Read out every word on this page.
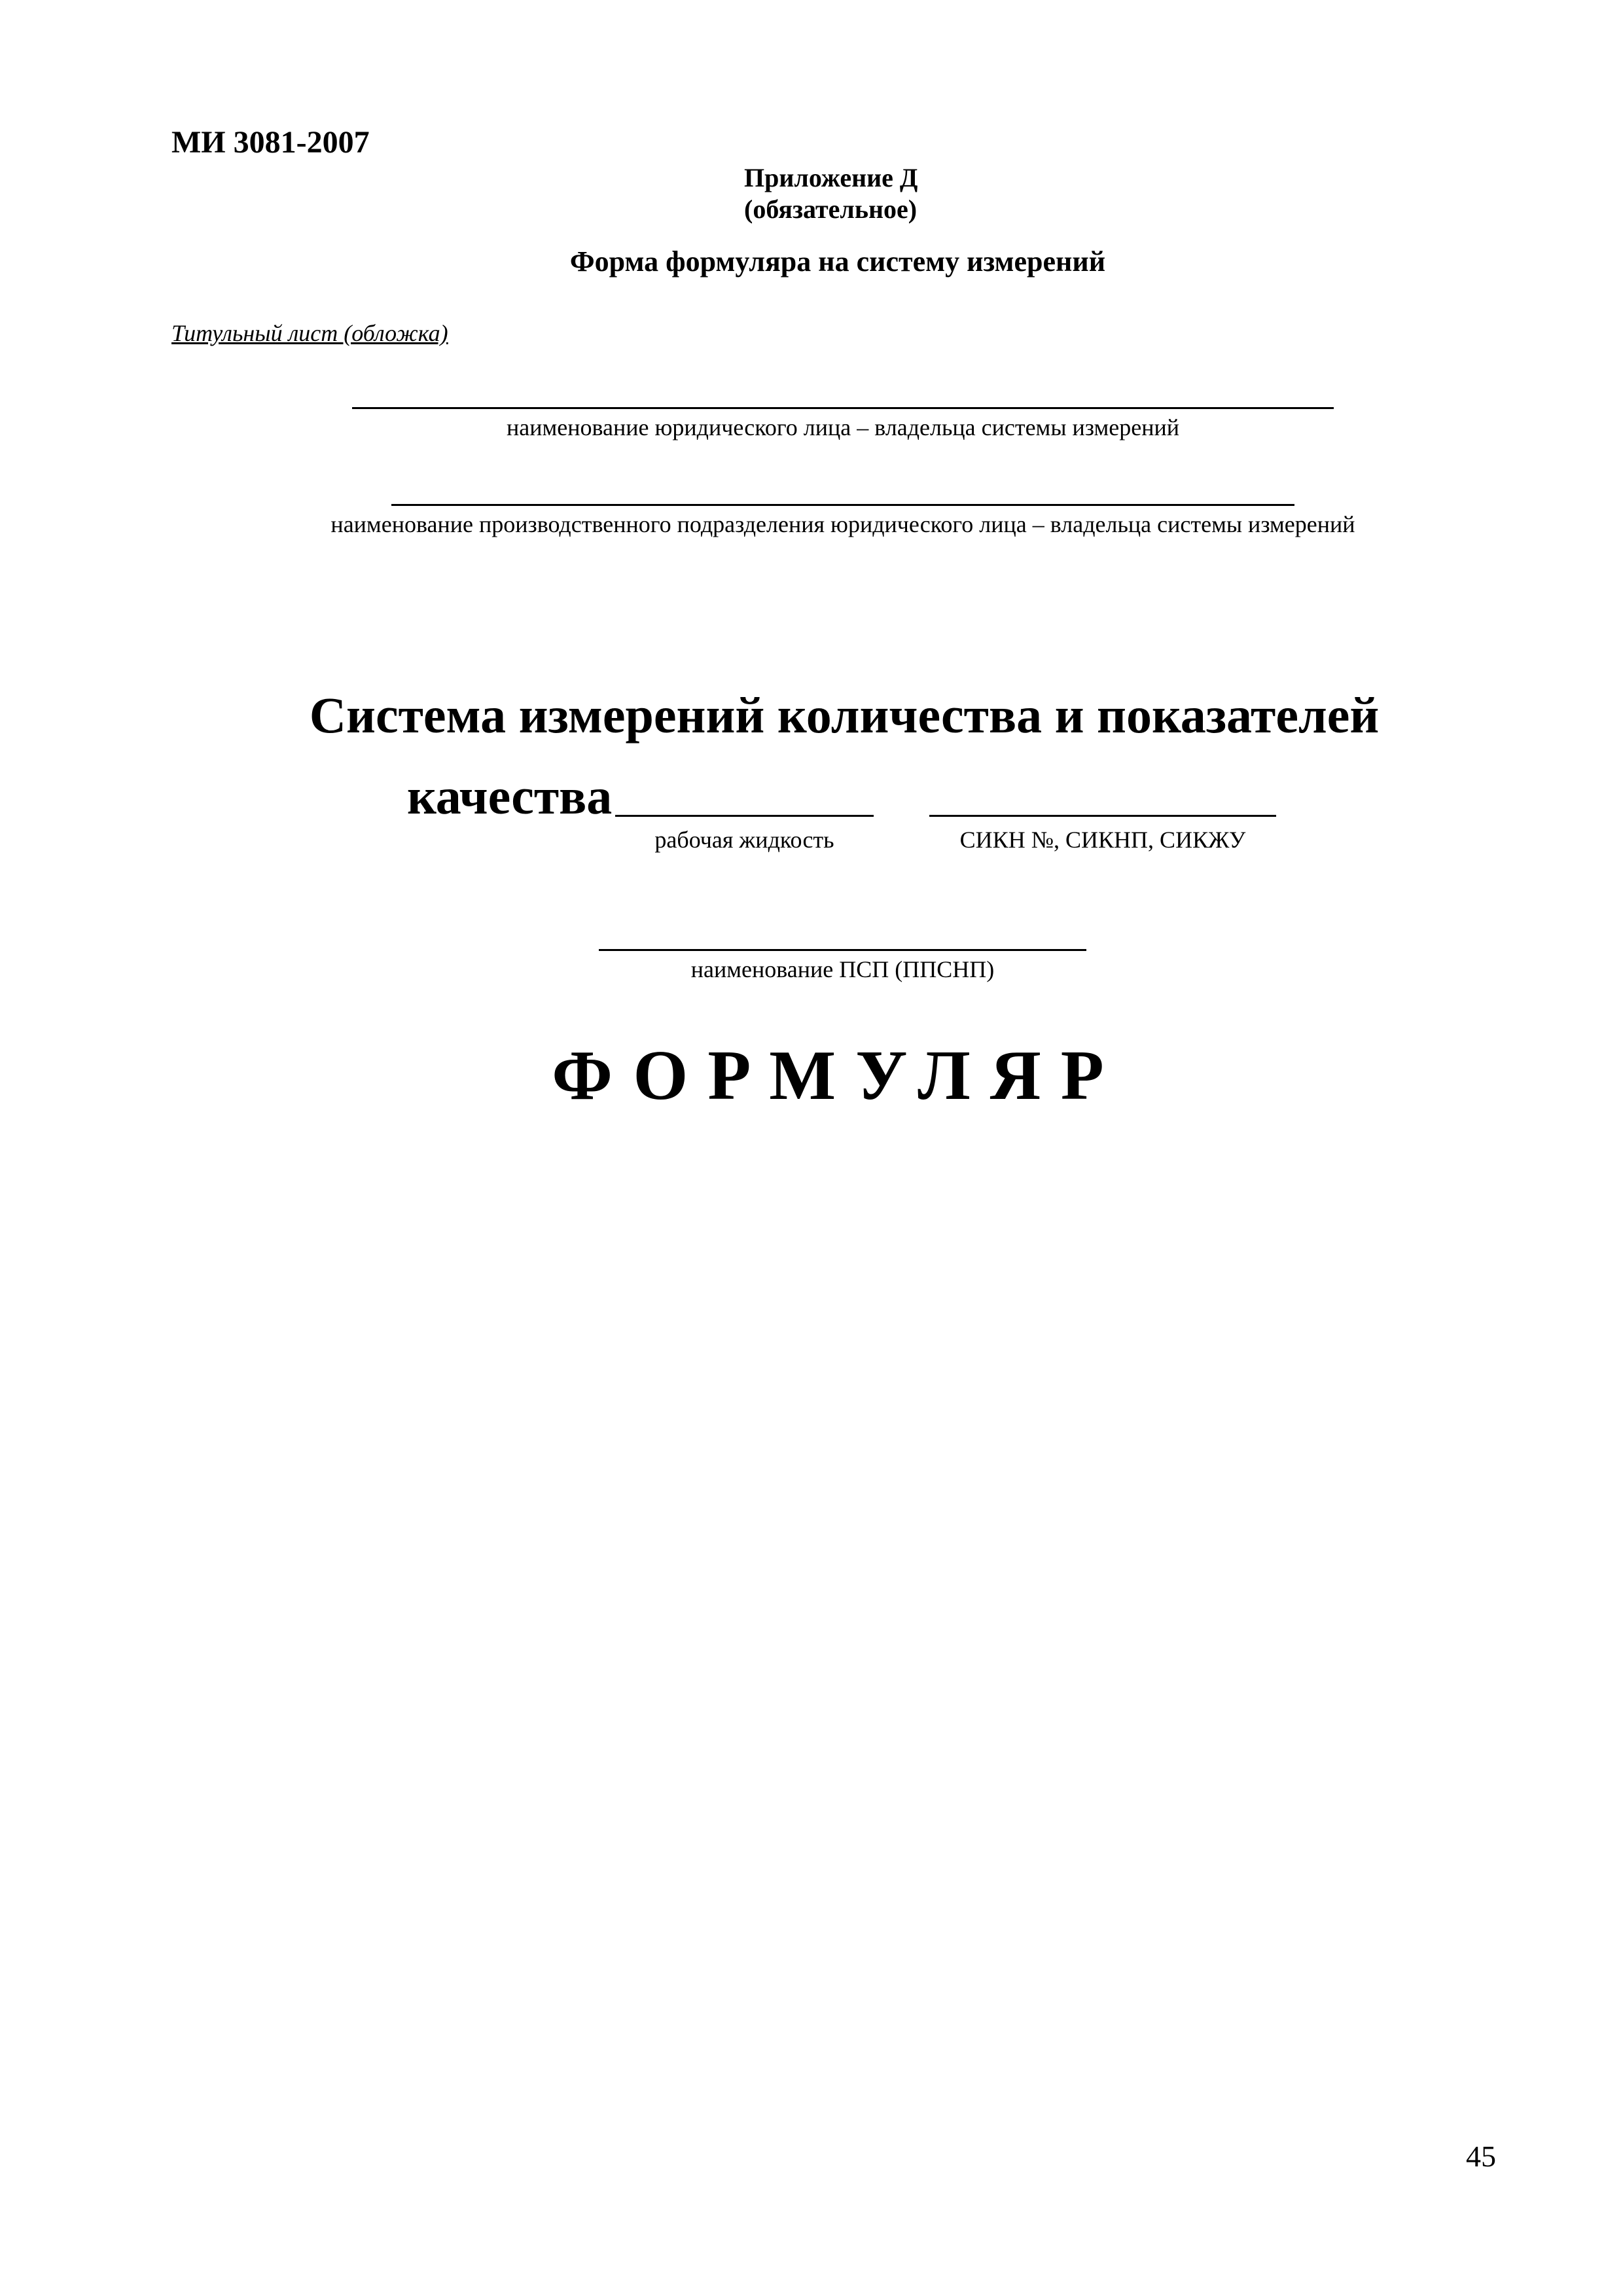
МИ 3081-2007
Приложение Д
(обязательное)
Форма формуляра на систему измерений
Титульный лист (обложка)
наименование юридического лица – владельца системы измерений
наименование производственного подразделения юридического лица – владельца системы измерений
Система измерений количества и показателей
качества
рабочая жидкость	СИКН №, СИКНП, СИКЖУ
наименование ПСП (ППСНП)
ФОРМУЛЯР
45
